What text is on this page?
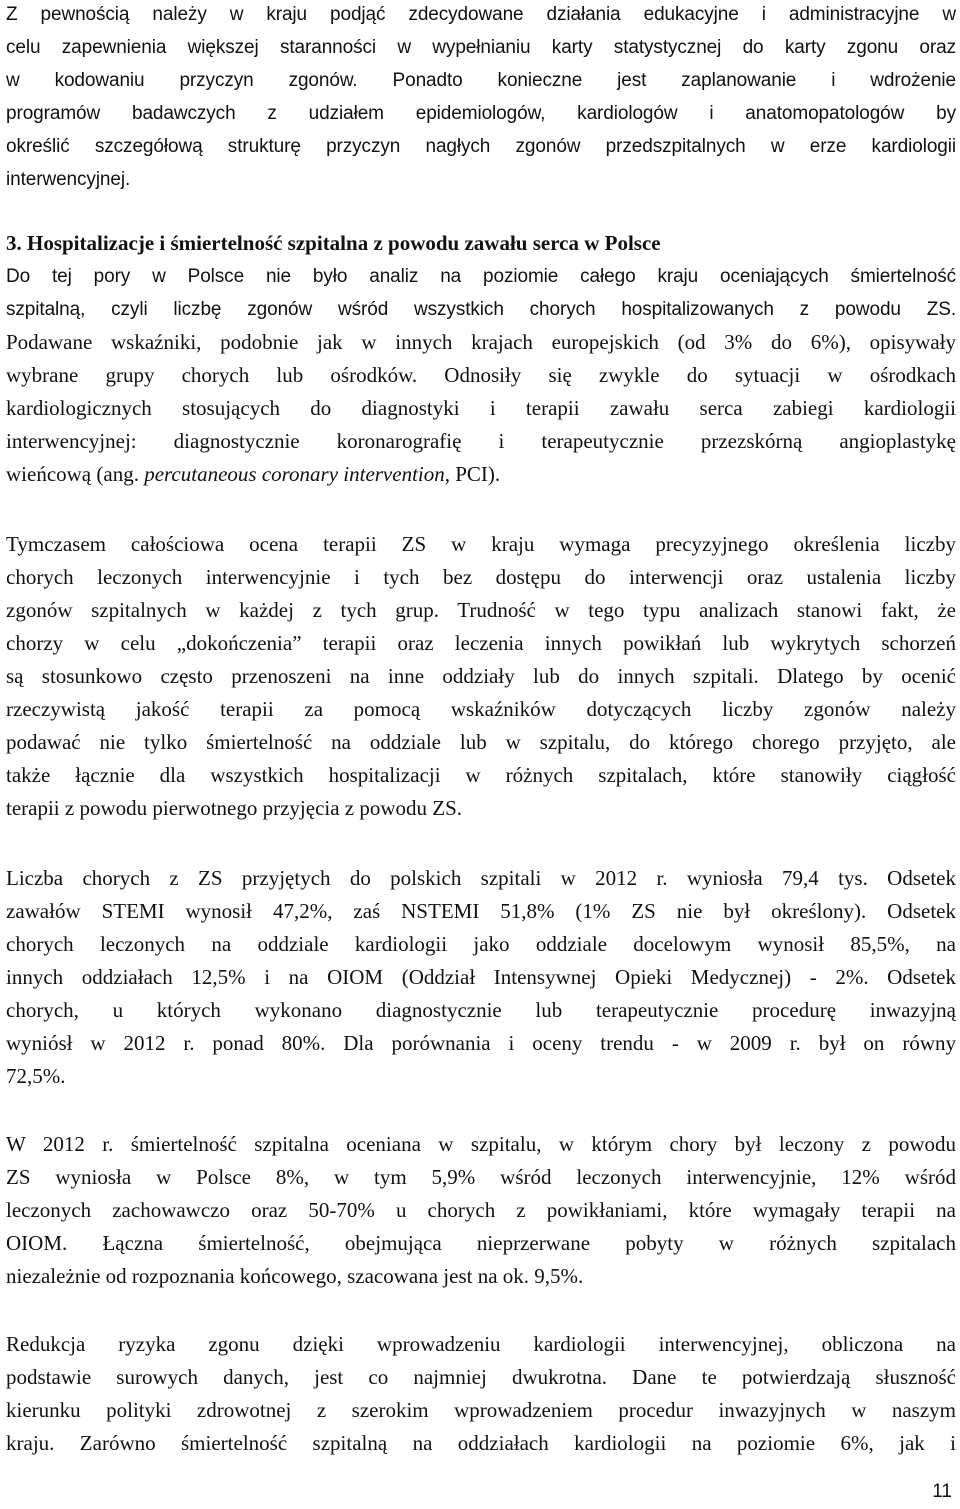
Z pewnością należy w kraju podjąć zdecydowane działania edukacyjne i administracyjne w
celu zapewnienia większej staranności w wypełnianiu karty statystycznej do karty zgonu oraz
w kodowaniu przyczyn zgonów. Ponadto konieczne jest zaplanowanie i wdrożenie
programów badawczych z udziałem epidemiologów, kardiologów i anatomopatologów by
określić szczegółową strukturę przyczyn nagłych zgonów przedszpitalnych w erze kardiologii
interwencyjnej.
3. Hospitalizacje i śmiertelność szpitalna z powodu zawału serca w Polsce
Do tej pory w Polsce nie było analiz na poziomie całego kraju oceniających śmiertelność
szpitalną, czyli liczbę zgonów wśród wszystkich chorych hospitalizowanych z powodu ZS.
Podawane wskaźniki, podobnie jak w innych krajach europejskich (od 3% do 6%), opisywały
wybrane grupy chorych lub ośrodków. Odnosiły się zwykle do sytuacji w ośrodkach
kardiologicznych stosujących do diagnostyki i terapii zawału serca zabiegi kardiologii
interwencyjnej: diagnostycznie koronarografię i terapeutycznie przezskórną angioplastykę
wieńcową (ang. percutaneous coronary intervention, PCI).
Tymczasem całościowa ocena terapii ZS w kraju wymaga precyzyjnego określenia liczby
chorych leczonych interwencyjnie i tych bez dostępu do interwencji oraz ustalenia liczby
zgonów szpitalnych w każdej z tych grup. Trudność w tego typu analizach stanowi fakt, że
chorzy w celu „dokończenia” terapii oraz leczenia innych powikłań lub wykrytych schorzeń
są stosunkowo często przenoszeni na inne oddziały lub do innych szpitali. Dlatego by ocenić
rzeczywistą jakość terapii za pomocą wskaźników dotyczących liczby zgonów należy
podawać nie tylko śmiertelność na oddziale lub w szpitalu, do którego chorego przyjęto, ale
także łącznie dla wszystkich hospitalizacji w różnych szpitalach, które stanowiły ciągłość
terapii z powodu pierwotnego przyjęcia z powodu ZS.
Liczba chorych z ZS przyjętych do polskich szpitali w 2012 r. wyniosła 79,4 tys. Odsetek
zawałów STEMI wynosił 47,2%, zaś NSTEMI 51,8% (1% ZS nie był określony). Odsetek
chorych leczonych na oddziale kardiologii jako oddziale docelowym wynosił 85,5%, na
innych oddziałach 12,5% i na OIOM (Oddział Intensywnej Opieki Medycznej) - 2%. Odsetek
chorych, u których wykonano diagnostycznie lub terapeutycznie procedurę inwazyjną
wyniósł w 2012 r. ponad 80%. Dla porównania i oceny trendu - w 2009 r. był on równy
72,5%.
W 2012 r. śmiertelność szpitalna oceniana w szpitalu, w którym chory był leczony z powodu
ZS wyniosła w Polsce 8%, w tym 5,9% wśród leczonych interwencyjnie, 12% wśród
leczonych zachowawczo oraz 50-70% u chorych z powikłaniami, które wymagały terapii na
OIOM. Łączna śmiertelność, obejmująca nieprzerwane pobyty w różnych szpitalach
niezależnie od rozpoznania końcowego, szacowana jest na ok. 9,5%.
Redukcja ryzyka zgonu dzięki wprowadzeniu kardiologii interwencyjnej, obliczona na
podstawie surowych danych, jest co najmniej dwukrotna. Dane te potwierdzają słuszność
kierunku polityki zdrowotnej z szerokim wprowadzeniem procedur inwazyjnych w naszym
kraju. Zarówno śmiertelność szpitalną na oddziałach kardiologii na poziomie 6%, jak i
11
